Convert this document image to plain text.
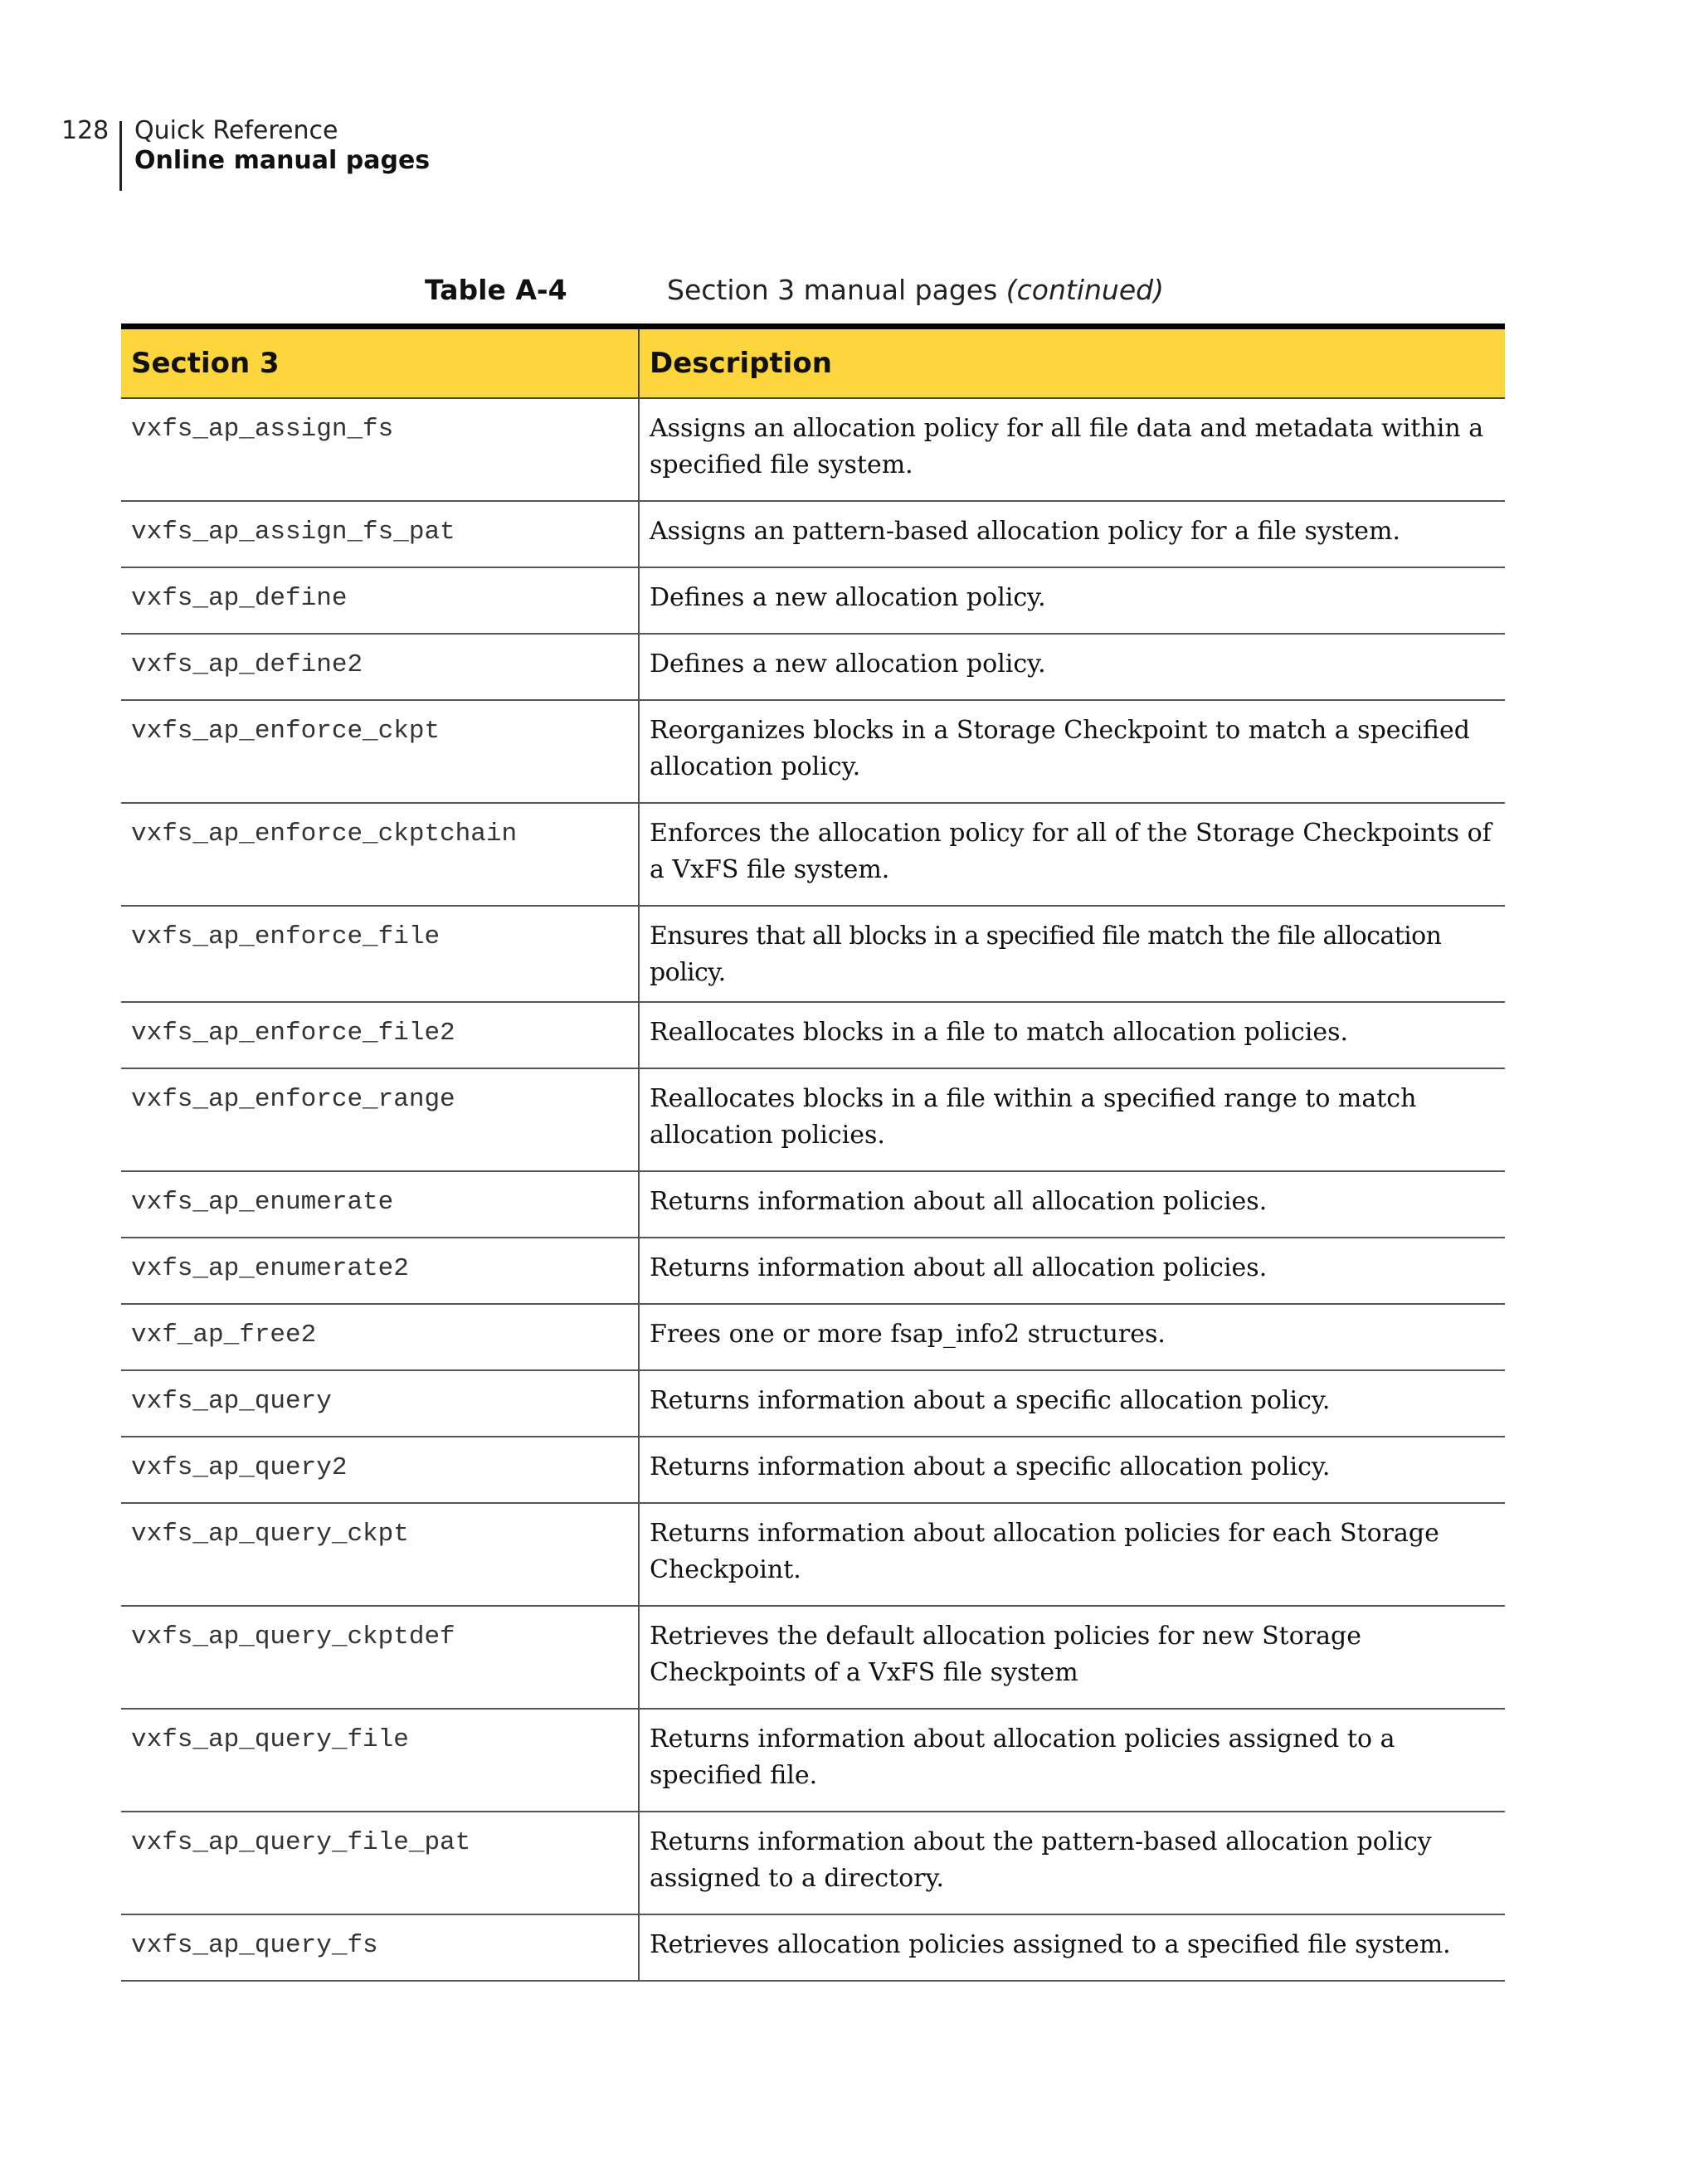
128 Quick Reference
Online manual pages
Table A-4	Section 3 manual pages (continued)
Section 3	Description
vxfs_ap_assign_fs	Assigns an allocation policy for all file data and metadata within a specified file system.
vxfs_ap_assign_fs_pat	Assigns an pattern-based allocation policy for a file system.
vxfs_ap_define	Defines a new allocation policy.
vxfs_ap_define2	Defines a new allocation policy.
vxfs_ap_enforce_ckpt	Reorganizes blocks in a Storage Checkpoint to match a specified allocation policy.
vxfs_ap_enforce_ckptchain	Enforces the allocation policy for all of the Storage Checkpoints of a VxFS file system.
vxfs_ap_enforce_file	Ensures that all blocks in a specified file match the file allocation policy.
vxfs_ap_enforce_file2	Reallocates blocks in a file to match allocation policies.
vxfs_ap_enforce_range	Reallocates blocks in a file within a specified range to match allocation policies.
vxfs_ap_enumerate	Returns information about all allocation policies.
vxfs_ap_enumerate2	Returns information about all allocation policies.
vxf_ap_free2	Frees one or more fsap_info2 structures.
vxfs_ap_query	Returns information about a specific allocation policy.
vxfs_ap_query2	Returns information about a specific allocation policy.
vxfs_ap_query_ckpt	Returns information about allocation policies for each Storage Checkpoint.
vxfs_ap_query_ckptdef	Retrieves the default allocation policies for new Storage Checkpoints of a VxFS file system
vxfs_ap_query_file	Returns information about allocation policies assigned to a specified file.
vxfs_ap_query_file_pat	Returns information about the pattern-based allocation policy assigned to a directory.
vxfs_ap_query_fs	Retrieves allocation policies assigned to a specified file system.
